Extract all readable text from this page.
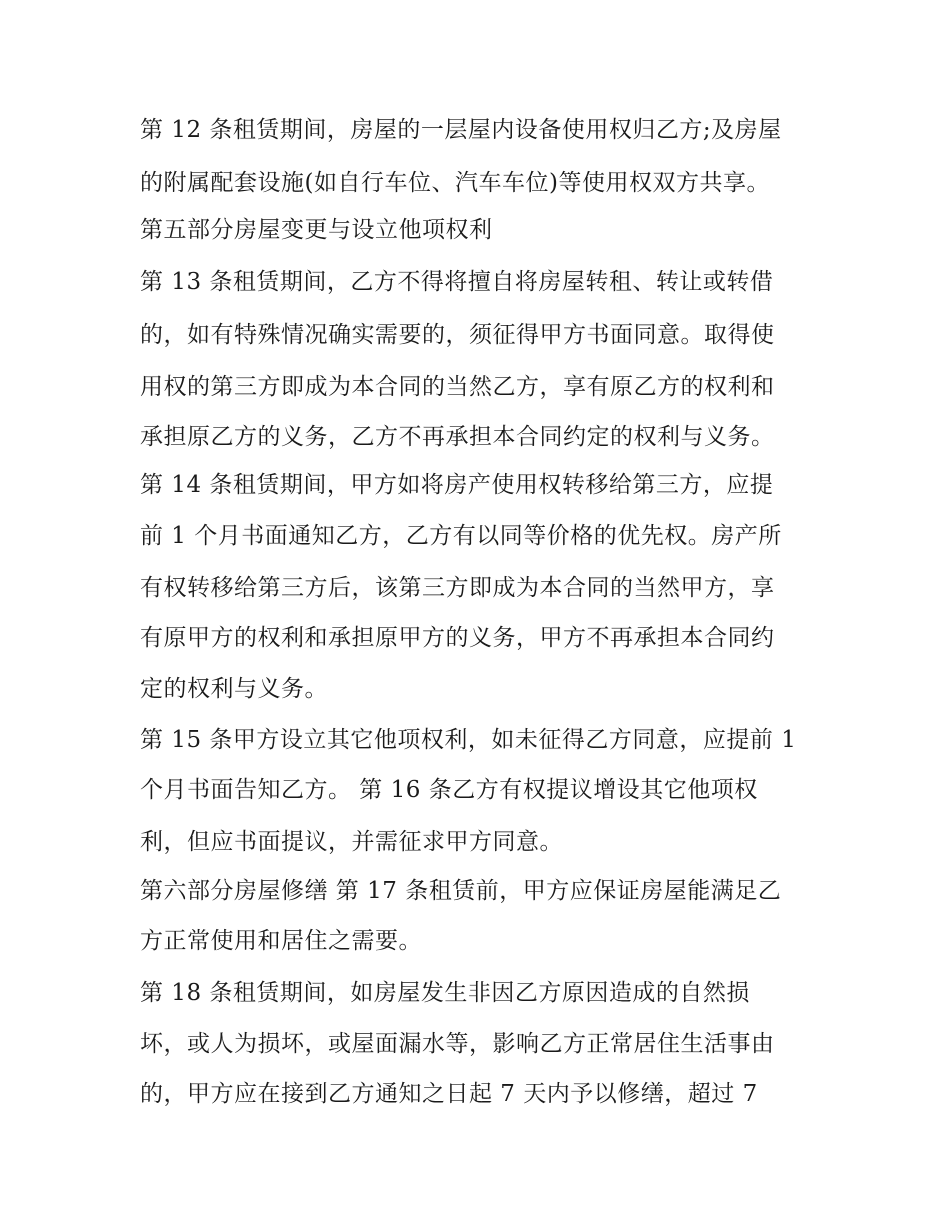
第 12 条租赁期间，房屋的一层屋内设备使用权归乙方;及房屋
的附属配套设施(如自行车位、汽车车位)等使用权双方共享。
第五部分房屋变更与设立他项权利
第 13 条租赁期间，乙方不得将擅自将房屋转租、转让或转借
的，如有特殊情况确实需要的，须征得甲方书面同意。取得使
用权的第三方即成为本合同的当然乙方，享有原乙方的权利和
承担原乙方的义务，乙方不再承担本合同约定的权利与义务。
第 14 条租赁期间，甲方如将房产使用权转移给第三方，应提
前 1 个月书面通知乙方，乙方有以同等价格的优先权。房产所
有权转移给第三方后，该第三方即成为本合同的当然甲方，享
有原甲方的权利和承担原甲方的义务，甲方不再承担本合同约
定的权利与义务。
第 15 条甲方设立其它他项权利，如未征得乙方同意，应提前 1
个月书面告知乙方。 第 16 条乙方有权提议增设其它他项权
利，但应书面提议，并需征求甲方同意。
第六部分房屋修缮 第 17 条租赁前，甲方应保证房屋能满足乙
方正常使用和居住之需要。
第 18 条租赁期间，如房屋发生非因乙方原因造成的自然损
坏，或人为损坏，或屋面漏水等，影响乙方正常居住生活事由
的，甲方应在接到乙方通知之日起 7 天内予以修缮，超过 7
